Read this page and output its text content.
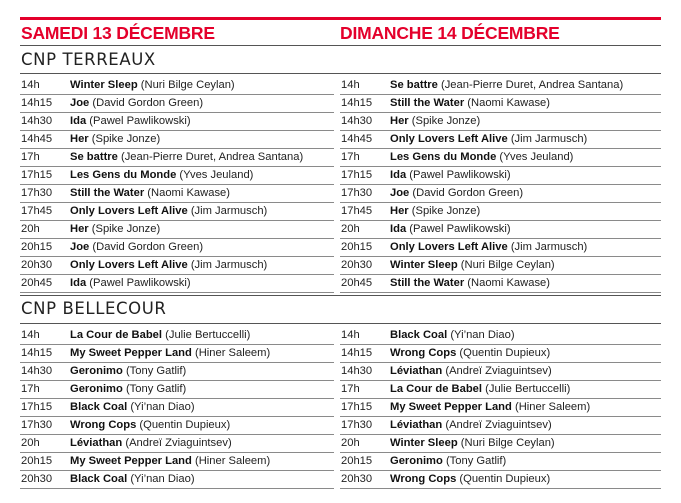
SAMEDI 13 DÉCEMBRE	DIMANCHE 14 DÉCEMBRE
CNP TERREAUX
14h	Winter Sleep (Nuri Bilge Ceylan)
14h15 Joe (David Gordon Green)
14h30 Ida (Pawel Pawlikowski)
14h45 Her (Spike Jonze)
17h	Se battre (Jean-Pierre Duret, Andrea Santana)
17h15 Les Gens du Monde (Yves Jeuland)
17h30 Still the Water (Naomi Kawase)
17h45 Only Lovers Left Alive (Jim Jarmusch)
20h	Her (Spike Jonze)
20h15 Joe (David Gordon Green)
20h30 Only Lovers Left Alive (Jim Jarmusch)
20h45 Ida (Pawel Pawlikowski)
14h	Se battre (Jean-Pierre Duret, Andrea Santana)
14h15 Still the Water (Naomi Kawase)
14h30 Her (Spike Jonze)
14h45 Only Lovers Left Alive (Jim Jarmusch)
17h	Les Gens du Monde (Yves Jeuland)
17h15 Ida (Pawel Pawlikowski)
17h30 Joe (David Gordon Green)
17h45 Her (Spike Jonze)
20h	Ida (Pawel Pawlikowski)
20h15 Only Lovers Left Alive (Jim Jarmusch)
20h30 Winter Sleep (Nuri Bilge Ceylan)
20h45 Still the Water (Naomi Kawase)
CNP BELLECOUR
14h	La Cour de Babel (Julie Bertuccelli)
14h15 My Sweet Pepper Land (Hiner Saleem)
14h30 Geronimo (Tony Gatlif)
17h	Geronimo (Tony Gatlif)
17h15 Black Coal (Yi’nan Diao)
17h30 Wrong Cops (Quentin Dupieux)
20h	Léviathan (Andreï Zviaguintsev)
20h15 My Sweet Pepper Land (Hiner Saleem)
20h30 Black Coal (Yi’nan Diao)
14h	Black Coal (Yi’nan Diao)
14h15 Wrong Cops (Quentin Dupieux)
14h30 Léviathan (Andreï Zviaguintsev)
17h	La Cour de Babel (Julie Bertuccelli)
17h15 My Sweet Pepper Land (Hiner Saleem)
17h30 Léviathan (Andreï Zviaguintsev)
20h	Winter Sleep (Nuri Bilge Ceylan)
20h15 Geronimo (Tony Gatlif)
20h30 Wrong Cops (Quentin Dupieux)
